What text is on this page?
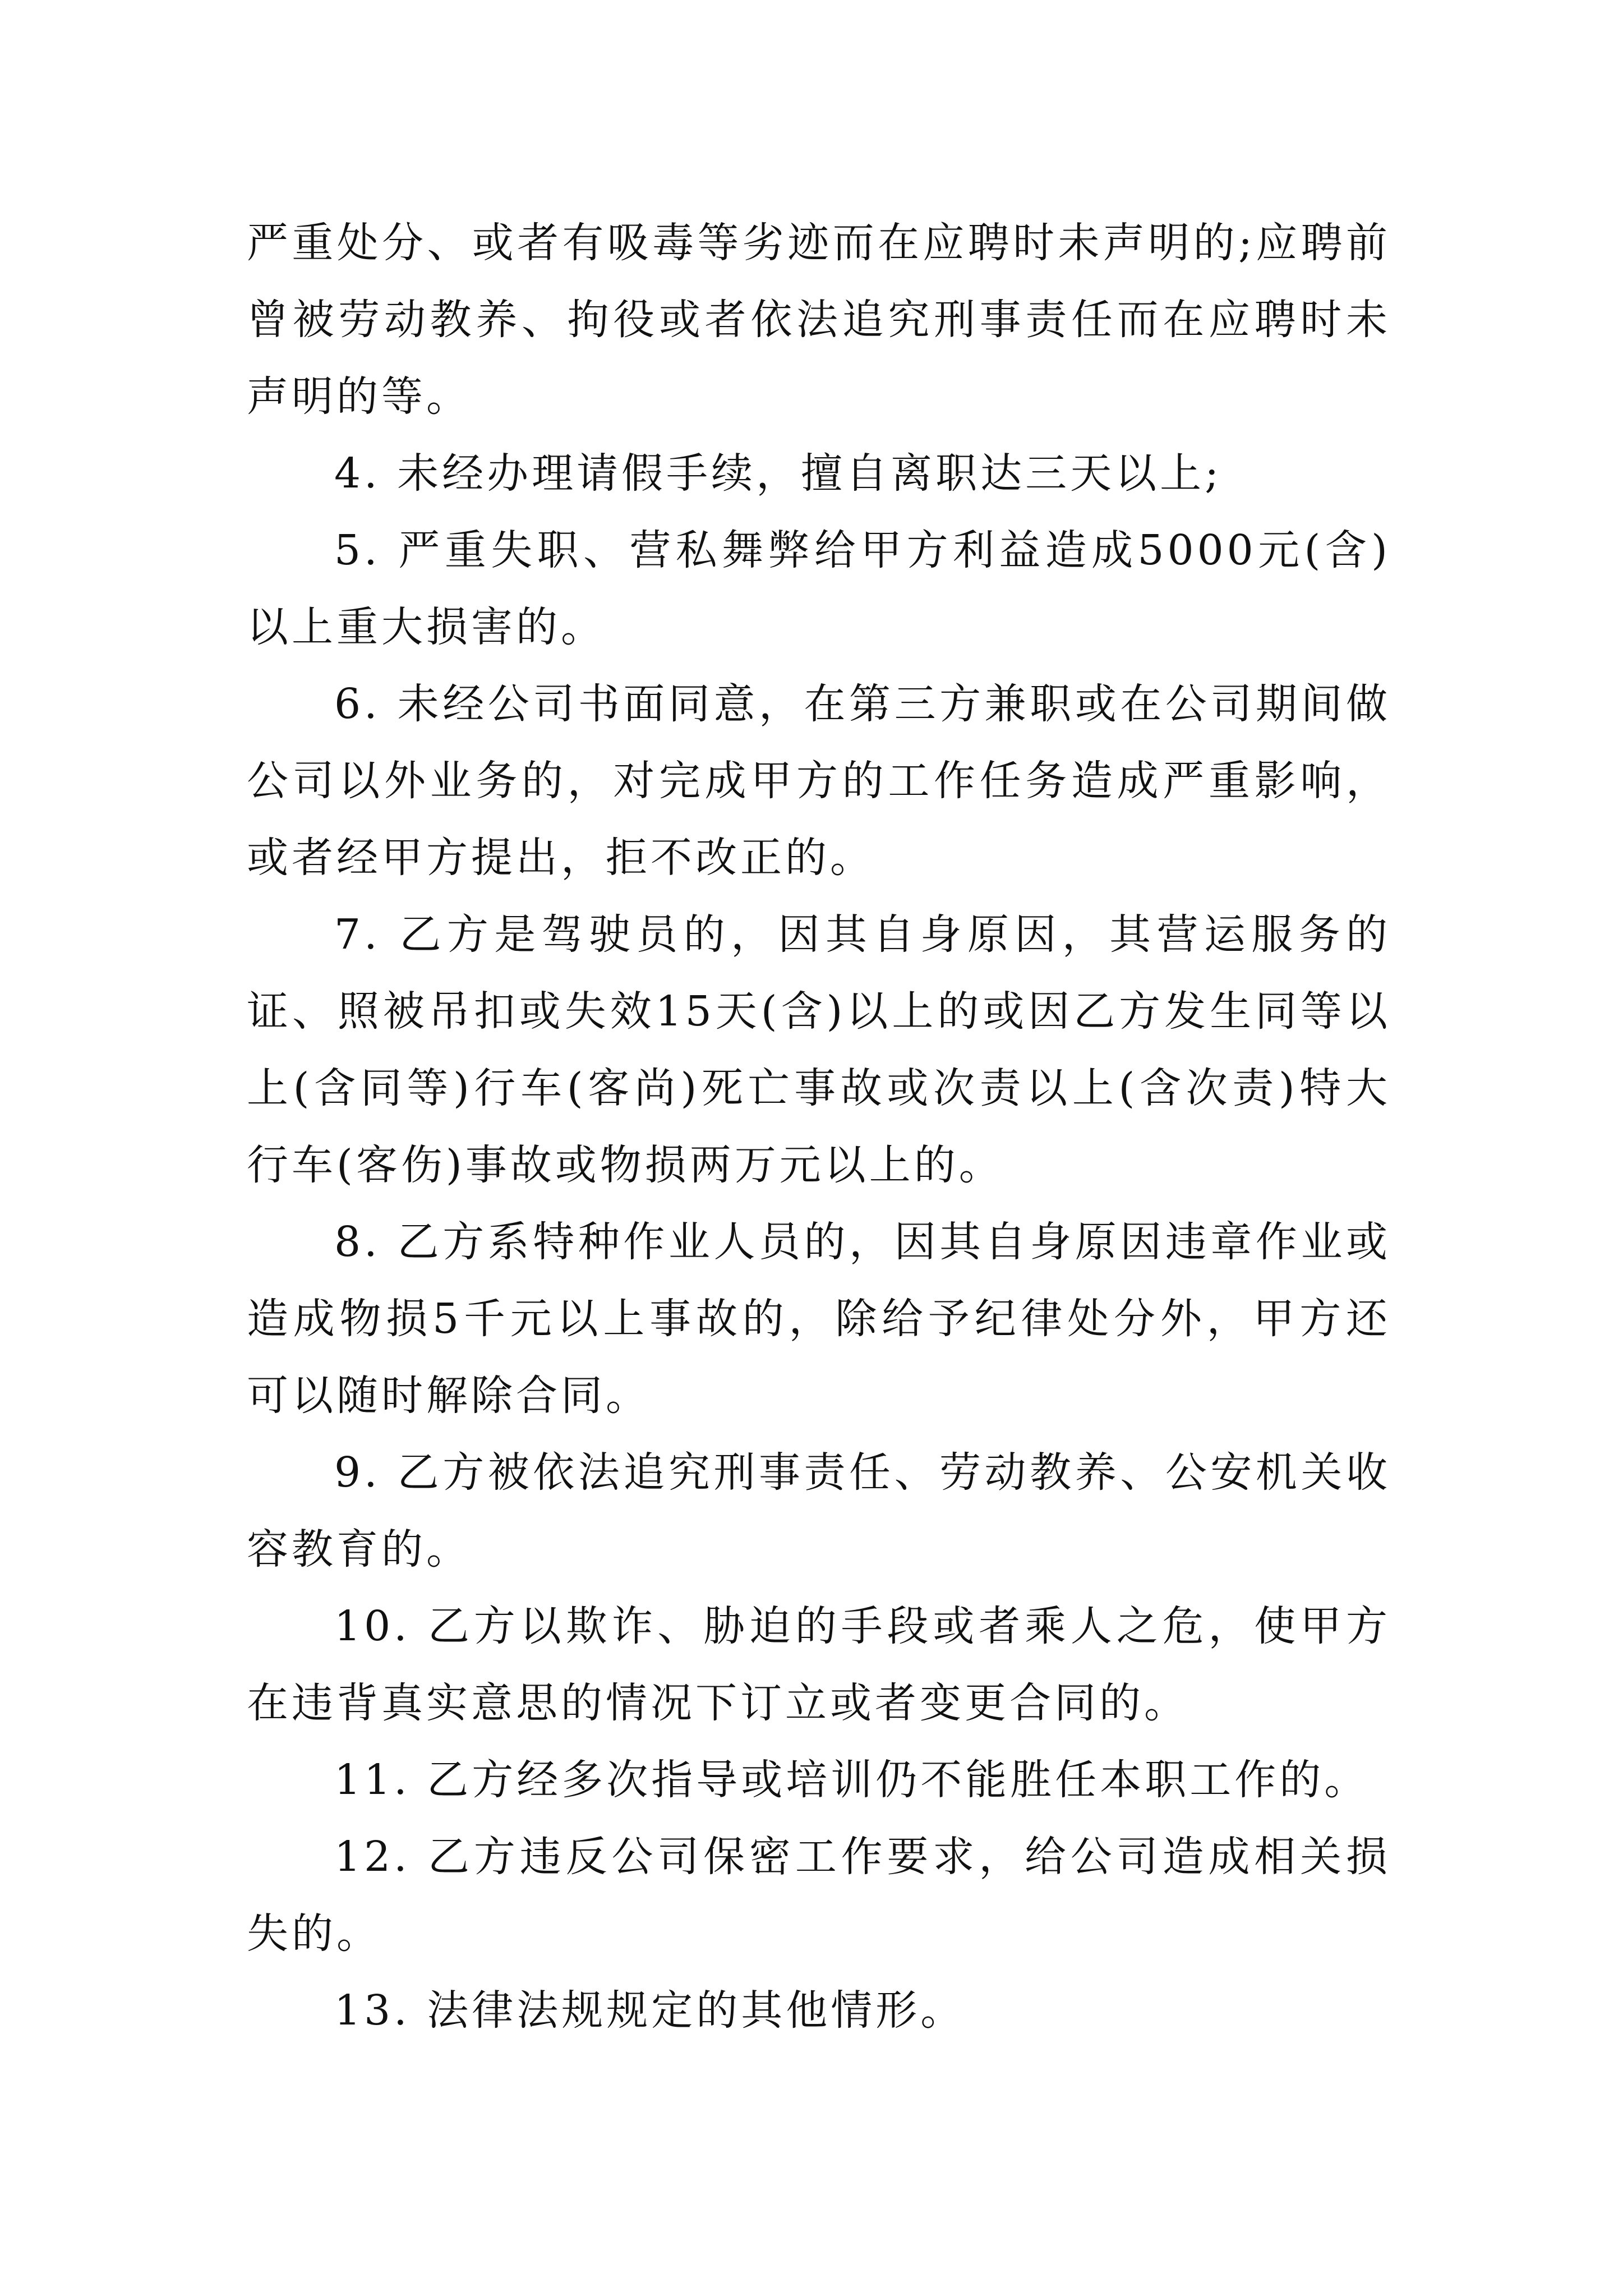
严重处分、或者有吸毒等劣迹而在应聘时未声明的;应聘前曾被劳动教养、拘役或者依法追究刑事责任而在应聘时未声明的等。

4. 未经办理请假手续，擅自离职达三天以上;

5. 严重失职、营私舞弊给甲方利益造成5000元(含)以上重大损害的。

6. 未经公司书面同意，在第三方兼职或在公司期间做公司以外业务的，对完成甲方的工作任务造成严重影响，或者经甲方提出，拒不改正的。

7. 乙方是驾驶员的，因其自身原因，其营运服务的证、照被吊扣或失效15天(含)以上的或因乙方发生同等以上(含同等)行车(客尚)死亡事故或次责以上(含次责)特大行车(客伤)事故或物损两万元以上的。

8. 乙方系特种作业人员的，因其自身原因违章作业或造成物损5千元以上事故的，除给予纪律处分外，甲方还可以随时解除合同。

9. 乙方被依法追究刑事责任、劳动教养、公安机关收容教育的。

10. 乙方以欺诈、胁迫的手段或者乘人之危，使甲方在违背真实意思的情况下订立或者变更合同的。

11. 乙方经多次指导或培训仍不能胜任本职工作的。

12. 乙方违反公司保密工作要求，给公司造成相关损失的。

13. 法律法规规定的其他情形。
